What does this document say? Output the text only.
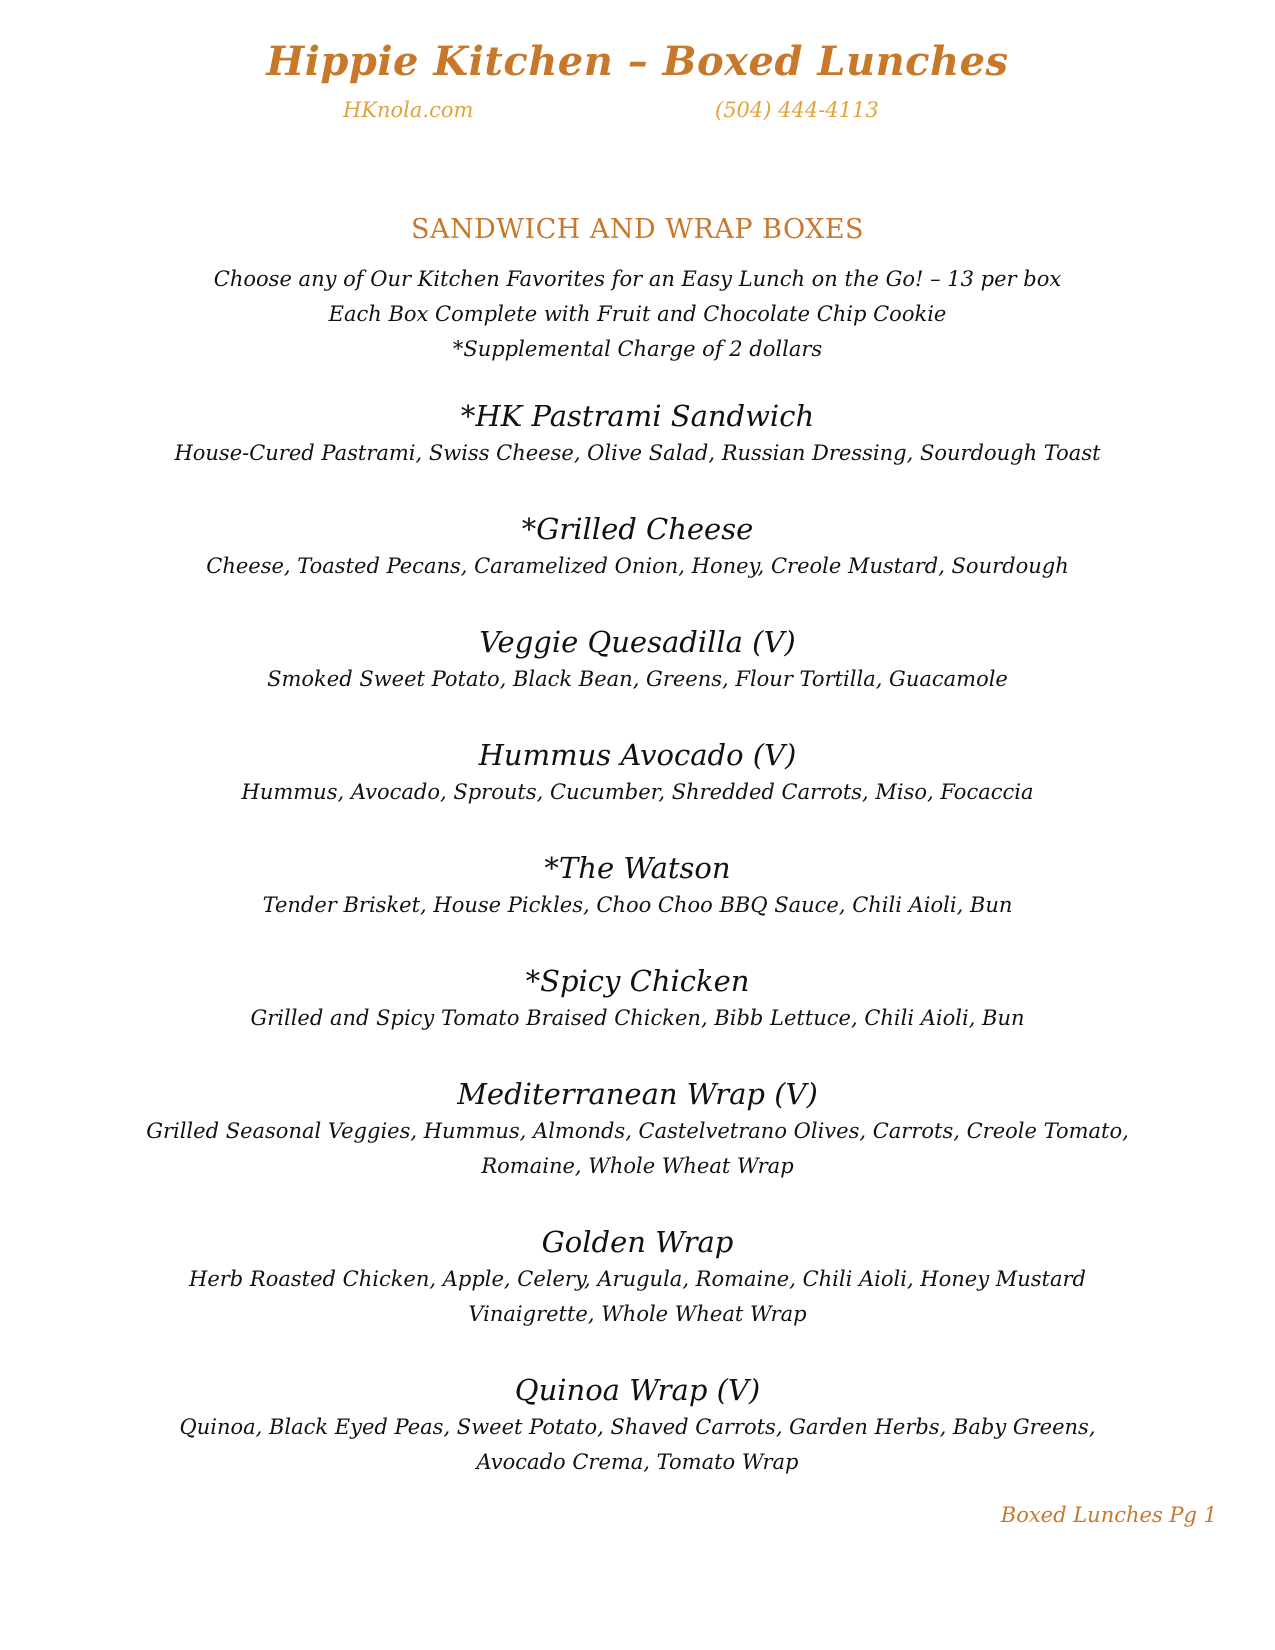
Hippie Kitchen – Boxed Lunches
HKnola.com	(504) 444-4113
SANDWICH AND WRAP BOXES
Choose any of Our Kitchen Favorites for an Easy Lunch on the Go! – 13 per box
Each Box Complete with Fruit and Chocolate Chip Cookie
*Supplemental Charge of 2 dollars
*HK Pastrami Sandwich
House-Cured Pastrami, Swiss Cheese, Olive Salad, Russian Dressing, Sourdough Toast
*Grilled Cheese
Cheese, Toasted Pecans, Caramelized Onion, Honey, Creole Mustard, Sourdough
Veggie Quesadilla (V)
Smoked Sweet Potato, Black Bean, Greens, Flour Tortilla, Guacamole
Hummus Avocado (V)
Hummus, Avocado, Sprouts, Cucumber, Shredded Carrots, Miso, Focaccia
*The Watson
Tender Brisket, House Pickles, Choo Choo BBQ Sauce, Chili Aioli, Bun
*Spicy Chicken
Grilled and Spicy Tomato Braised Chicken, Bibb Lettuce, Chili Aioli, Bun
Mediterranean Wrap (V)
Grilled Seasonal Veggies, Hummus, Almonds, Castelvetrano Olives, Carrots, Creole Tomato,
Romaine, Whole Wheat Wrap
Golden Wrap
Herb Roasted Chicken, Apple, Celery, Arugula, Romaine, Chili Aioli, Honey Mustard
Vinaigrette, Whole Wheat Wrap
Quinoa Wrap (V)
Quinoa, Black Eyed Peas, Sweet Potato, Shaved Carrots, Garden Herbs, Baby Greens,
Avocado Crema, Tomato Wrap
Boxed Lunches Pg 1
